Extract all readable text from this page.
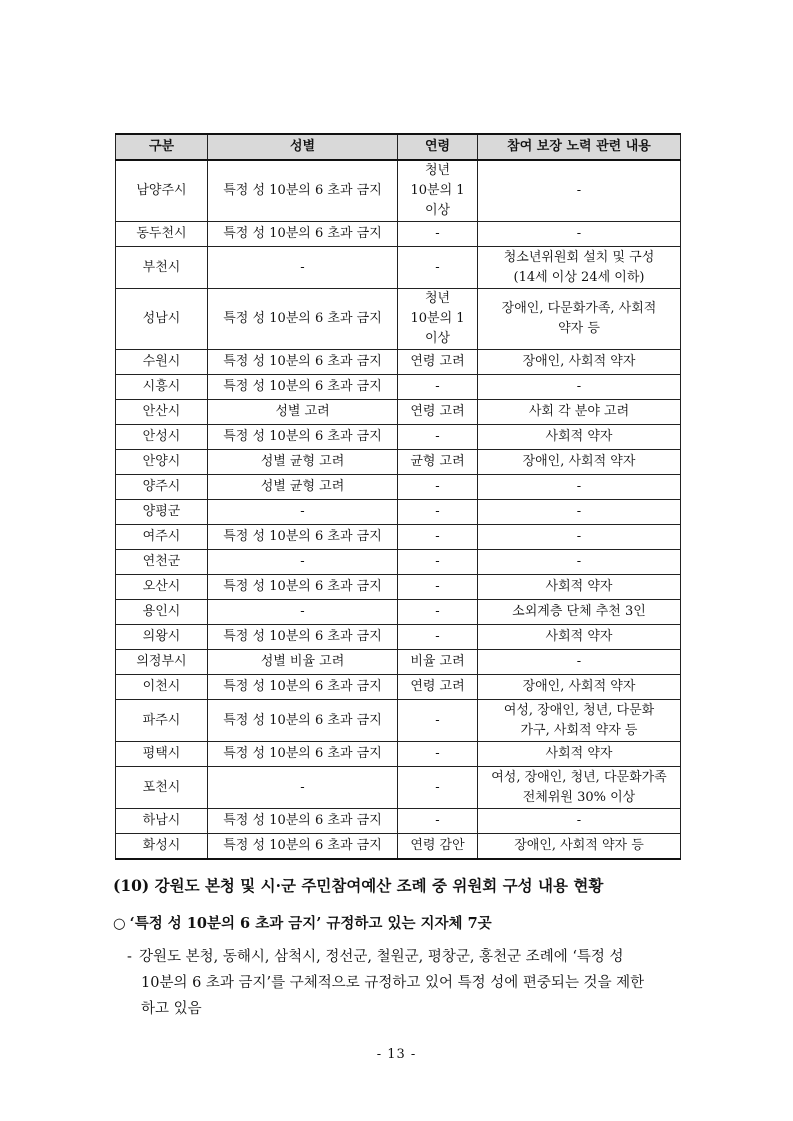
구분	성별	연령	참여 보장 노력 관련 내용
남양주시	특정 성 10분의 6 초과 금지	청년
10분의 1
이상	-

동두천시	특정 성 10분의 6 초과 금지	-	-

부천시	-	-	청소년위원회 설치 및 구성
(14세 이상 24세 이하)

성남시	특정 성 10분의 6 초과 금지	청년
10분의 1
이상	장애인, 다문화가족, 사회적
약자 등

수원시	특정 성 10분의 6 초과 금지	연령 고려	장애인, 사회적 약자

시흥시	특정 성 10분의 6 초과 금지	-	-

안산시	성별 고려	연령 고려	사회 각 분야 고려

안성시	특정 성 10분의 6 초과 금지	-	사회적 약자

안양시	성별 균형 고려	균형 고려	장애인, 사회적 약자

양주시	성별 균형 고려	-	-

양평군	-	-	-

여주시	특정 성 10분의 6 초과 금지	-	-

연천군	-	-	-

오산시	특정 성 10분의 6 초과 금지	-	사회적 약자

용인시	-	-	소외계층 단체 추천 3인

의왕시	특정 성 10분의 6 초과 금지	-	사회적 약자

의정부시	성별 비율 고려	비율 고려	-

이천시	특정 성 10분의 6 초과 금지	연령 고려	장애인, 사회적 약자

파주시	특정 성 10분의 6 초과 금지	-	여성, 장애인, 청년, 다문화
가구, 사회적 약자 등

평택시	특정 성 10분의 6 초과 금지	-	사회적 약자

포천시	-	-	여성, 장애인, 청년, 다문화가족
전체위원 30% 이상

하남시	특정 성 10분의 6 초과 금지	-	-

화성시	특정 성 10분의 6 초과 금지	연령 감안	장애인, 사회적 약자 등
(10) 강원도 본청 및 시·군 주민참여예산 조례 중 위원회 구성 내용 현황
○ ‘특정 성 10분의 6 초과 금지’ 규정하고 있는 지자체 7곳
- 강원도 본청, 동해시, 삼척시, 정선군, 철원군, 평창군, 홍천군 조례에 ‘특정 성
10분의 6 초과 금지’를 구체적으로 규정하고 있어 특정 성에 편중되는 것을 제한
하고 있음
- 13 -
